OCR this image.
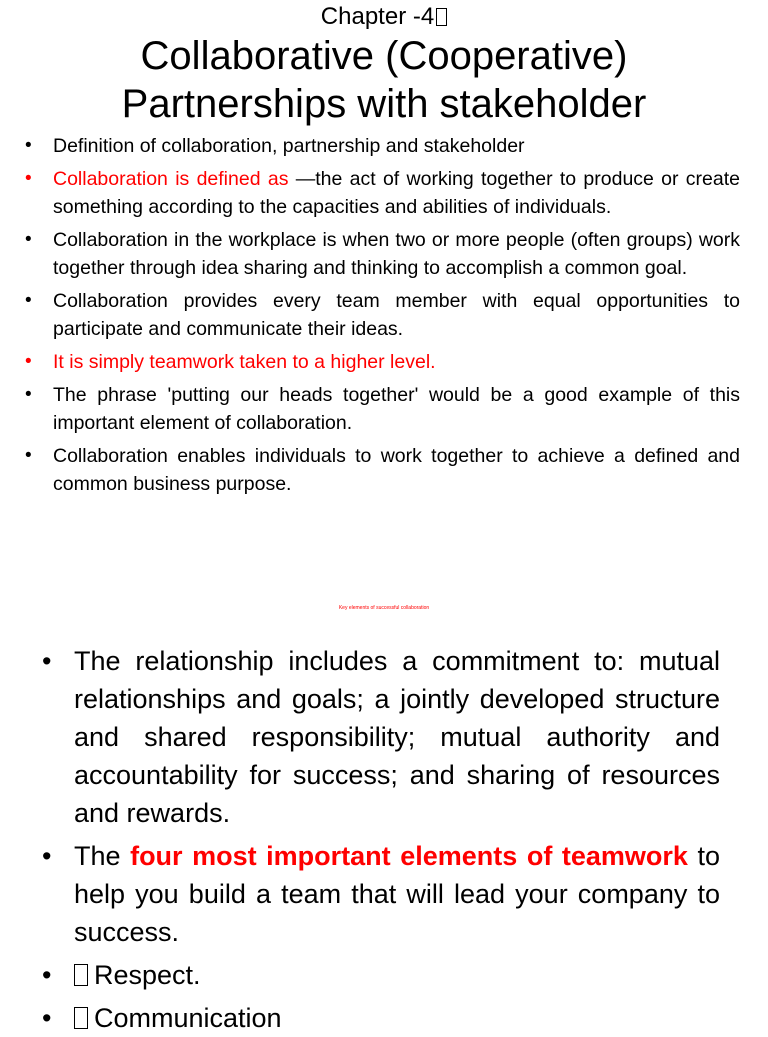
Chapter -4
Collaborative (Cooperative)
Partnerships with stakeholder
• Definition of collaboration, partnership and stakeholder
• Collaboration is defined as —the act of working together to produce or create something according to the capacities and abilities of individuals.
• Collaboration in the workplace is when two or more people (often groups) work together through idea sharing and thinking to accomplish a common goal.
• Collaboration provides every team member with equal opportunities to participate and communicate their ideas.
• It is simply teamwork taken to a higher level.
• The phrase 'putting our heads together' would be a good example of this important element of collaboration.
• Collaboration enables individuals to work together to achieve a defined and common business purpose.
Key elements of successful collaboration
• The relationship includes a commitment to: mutual relationships and goals; a jointly developed structure and shared responsibility; mutual authority and accountability for success; and sharing of resources and rewards.
• The four most important elements of teamwork to help you build a team that will lead your company to success.
• Respect.
• Communication
